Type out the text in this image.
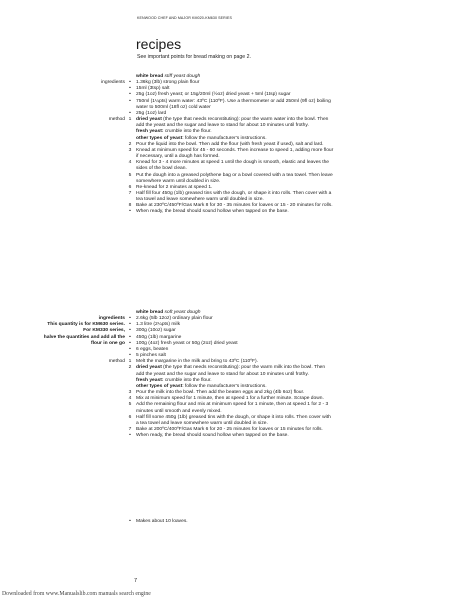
KENWOOD CHEF AND MAJOR KM020-KM630 SERIES
recipes
See important points for bread making on page 2.
white bread stiff yeast dough
ingredients •	1.36kg (3lb) strong plain flour
•	15ml (3tsp) salt
•	25g (1oz) fresh yeast; or 15g/20ml (½oz) dried yeast + 5ml (1tsp) sugar
•	750ml (1¼pts) warm water: 43ºC (110ºF). Use a thermometer or add 250ml (9fl oz) boiling water to 500ml (18fl oz) cold water
•	25g (1oz) lard
method 1 dried yeast (the type that needs reconstituting): pour the warm water into the bowl. Then add the yeast and the sugar and leave to stand for about 10 minutes until frothy.
fresh yeast: crumble into the flour.
other types of yeast: follow the manufacturer's instructions.
2 Pour the liquid into the bowl. Then add the flour (with fresh yeast if used), salt and lard.
3 Knead at minimum speed for 45 - 60 seconds. Then increase to speed 1, adding more flour if necessary, until a dough has formed.
4 Knead for 3 - 4 more minutes at speed 1 until the dough is smooth, elastic and leaves the sides of the bowl clean.
5 Put the dough into a greased polythene bag or a bowl covered with a tea towel. Then leave somewhere warm until doubled in size.
6 Re-knead for 2 minutes at speed 1.
7 Half fill four 450g (1lb) greased tins with the dough, or shape it into rolls. Then cover with a tea towel and leave somewhere warm until doubled in size.
8 Bake at 230ºC/450ºF/Gas Mark 8 for 30 - 35 minutes for loaves or 15 - 20 minutes for rolls.
•	When ready, the bread should sound hollow when tapped on the base.
white bread soft yeast dough
ingredients •	2.6kg (5lb 12oz) ordinary plain flour
This quantity is for KM630 series. •	1.3 litre (2¼pts) milk
For KM330 series, •	300g (10oz) sugar
halve the quantities and add all the •	450g (1lb) margarine
flour in one go •	100g (4oz) fresh yeast or 50g (2oz) dried yeast
•	6 eggs, beaten
•	5 pinches salt
method 1 Melt the margarine in the milk and bring to 43ºC (110ºF).
2 dried yeast (the type that needs reconstituting): pour the warm milk into the bowl. Then add the yeast and the sugar and leave to stand for about 10 minutes until frothy.
fresh yeast: crumble into the flour.
other types of yeast: follow the manufacturer's instructions.
3 Pour the milk into the bowl. Then add the beaten eggs and 2kg (4lb 6oz) flour.
4 Mix at minimum speed for 1 minute, then at speed 1 for a further minute. Scrape down.
5 Add the remaining flour and mix at minimum speed for 1 minute, then at speed 1 for 2 - 3 minutes until smooth and evenly mixed.
6 Half fill some 450g (1lb) greased tins with the dough, or shape it into rolls. Then cover with a tea towel and leave somewhere warm until doubled in size.
7 Bake at 200ºC/400ºF/Gas Mark 6 for 20 - 25 minutes for loaves or 15 minutes for rolls.
•	When ready, the bread should sound hollow when tapped on the base.
•	Makes about 10 loaves.
7
Downloaded from www.Manualslib.com manuals search engine
